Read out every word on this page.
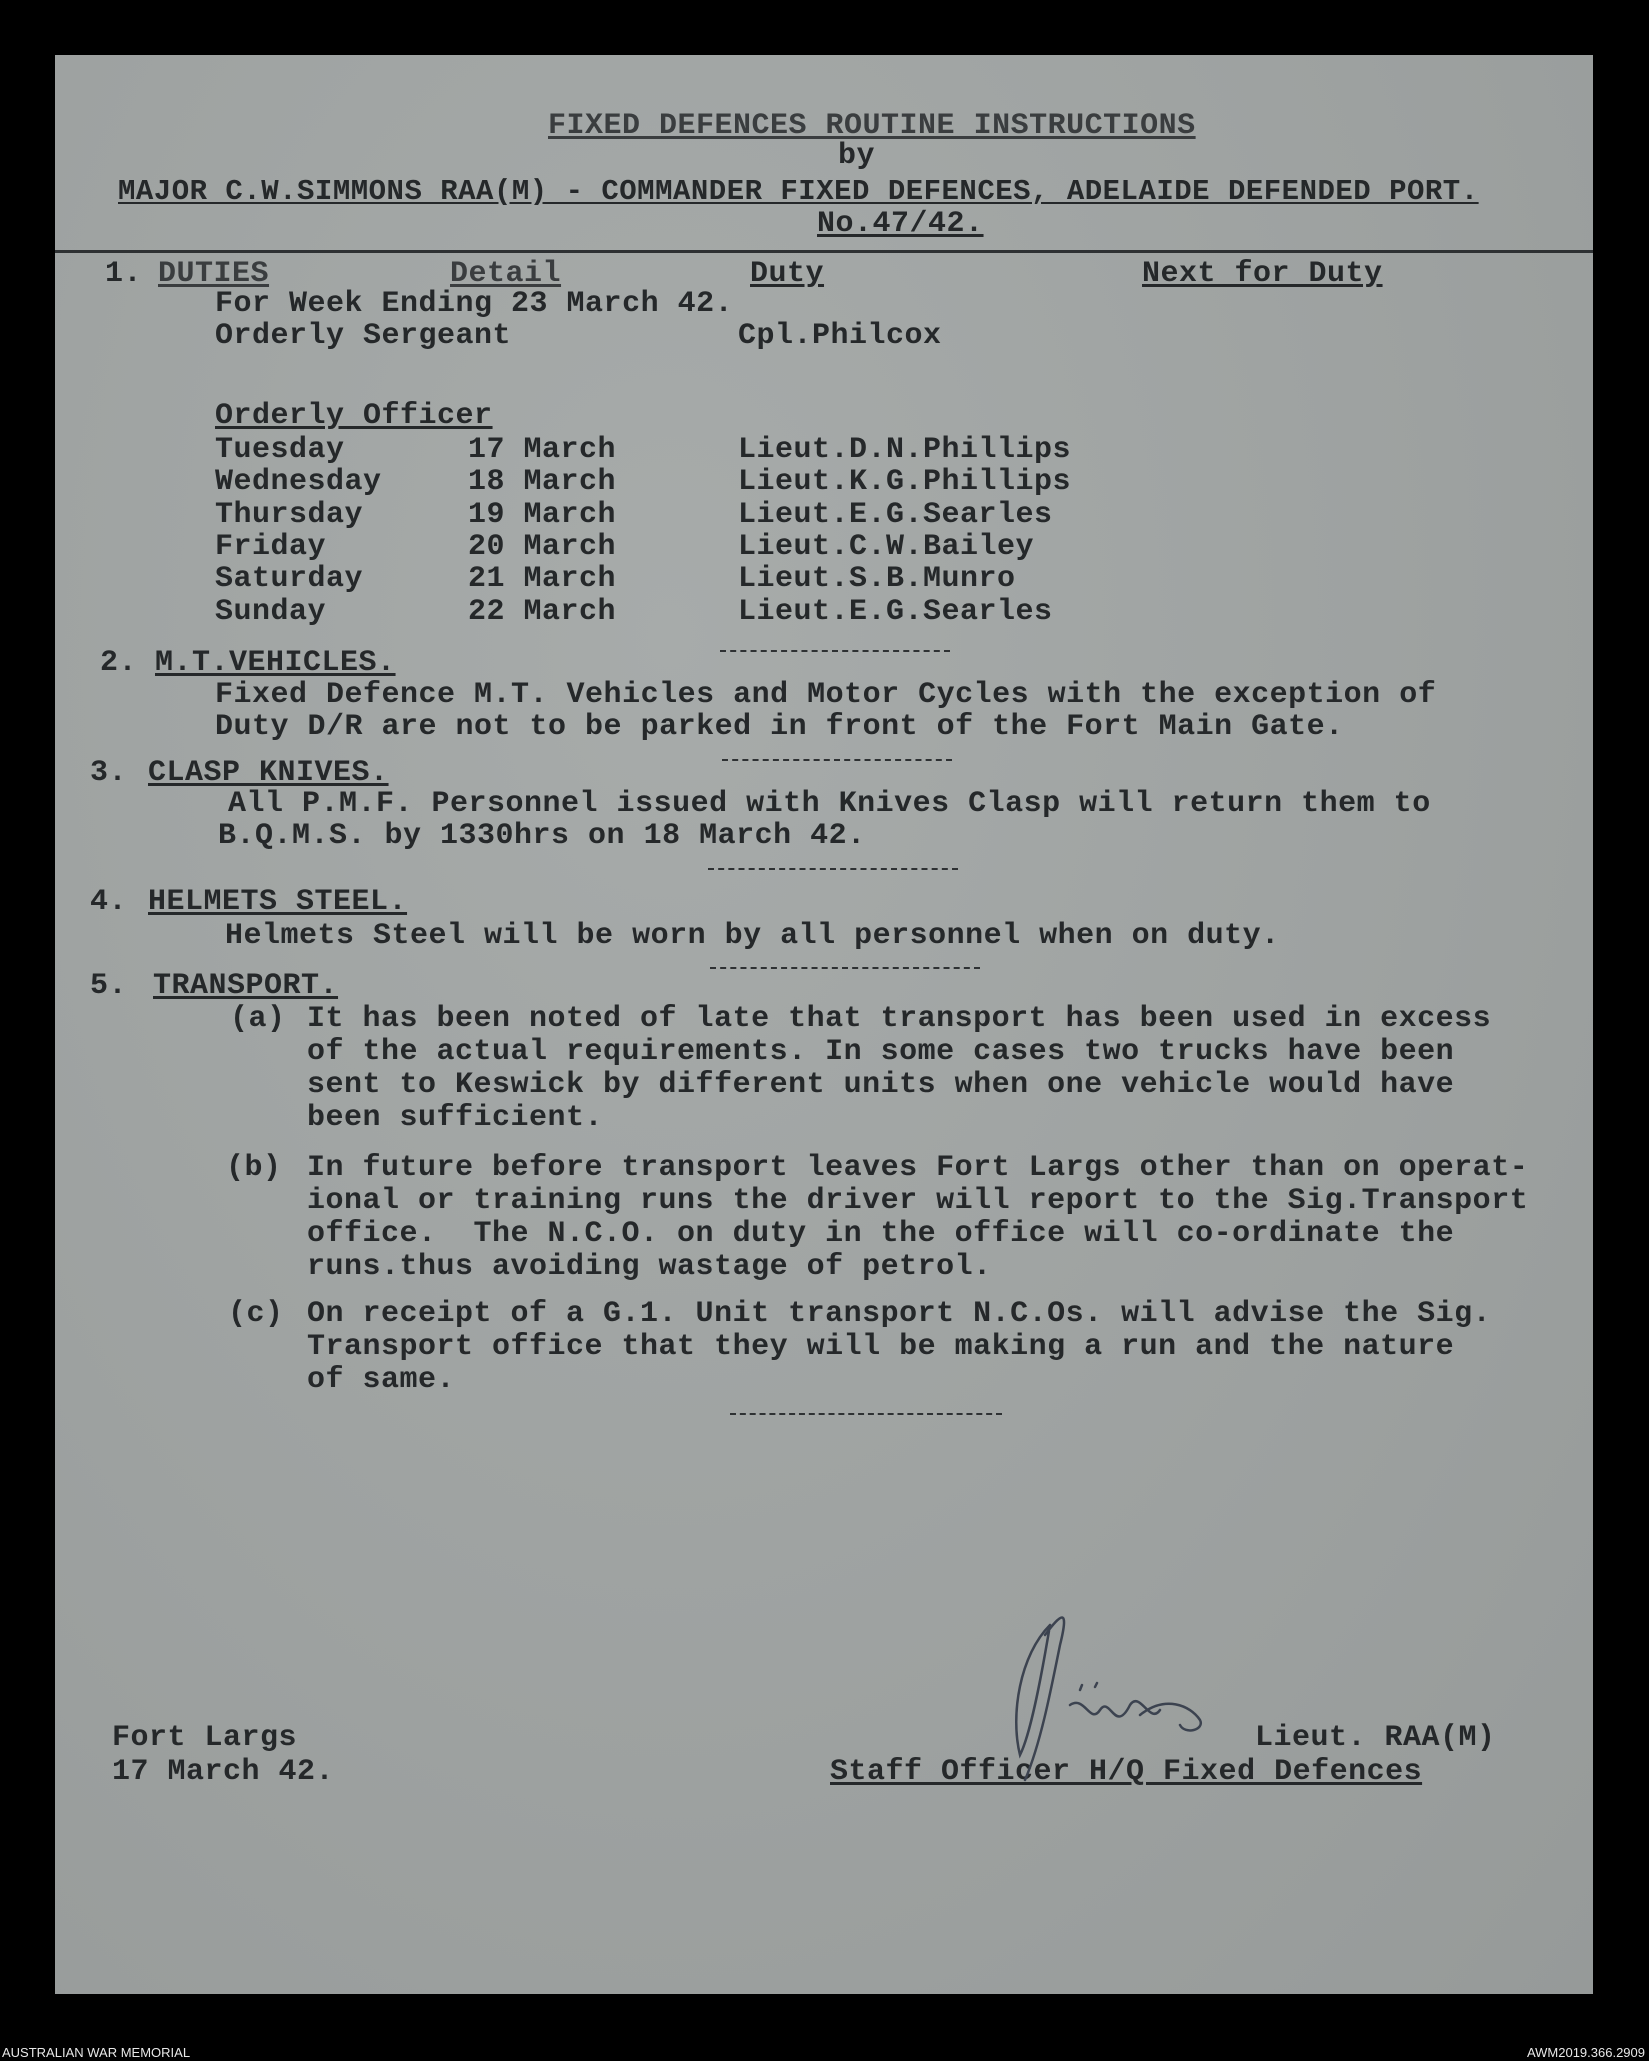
FIXED DEFENCES ROUTINE INSTRUCTIONS
by
MAJOR C.W.SIMMONS RAA(M) - COMMANDER FIXED DEFENCES, ADELAIDE DEFENDED PORT.
No.47/42.
1. DUTIES	Detail	Duty	Next for Duty
For Week Ending 23 March 42.
Orderly Sergeant	Cpl.Philcox
Orderly Officer
Tuesday	17 March	Lieut.D.N.Phillips
Wednesday	18 March	Lieut.K.G.Phillips
Thursday	19 March	Lieut.E.G.Searles
Friday	20 March	Lieut.C.W.Bailey
Saturday	21 March	Lieut.S.B.Munro
Sunday	22 March	Lieut.E.G.Searles
2. M.T.VEHICLES.
Fixed Defence M.T. Vehicles and Motor Cycles with the exception of
Duty D/R are not to be parked in front of the Fort Main Gate.
3. CLASP KNIVES.
All P.M.F. Personnel issued with Knives Clasp will return them to
B.Q.M.S. by 1330hrs on 18 March 42.
4. HELMETS STEEL.
Helmets Steel will be worn by all personnel when on duty.
5. TRANSPORT.
(a) It has been noted of late that transport has been used in excess
of the actual requirements. In some cases two trucks have been
sent to Keswick by different units when one vehicle would have
been sufficient.
(b) In future before transport leaves Fort Largs other than on operat-
ional or training runs the driver will report to the Sig.Transport
office.  The N.C.O. on duty in the office will co-ordinate the
runs.thus avoiding wastage of petrol.
(c) On receipt of a G.1. Unit transport N.C.Os. will advise the Sig.
Transport office that they will be making a run and the nature
of same.
Fort Largs
17 March 42.
Lieut. RAA(M)
Staff Officer H/Q Fixed Defences
AUSTRALIAN WAR MEMORIAL	AWM2019.366.2909
